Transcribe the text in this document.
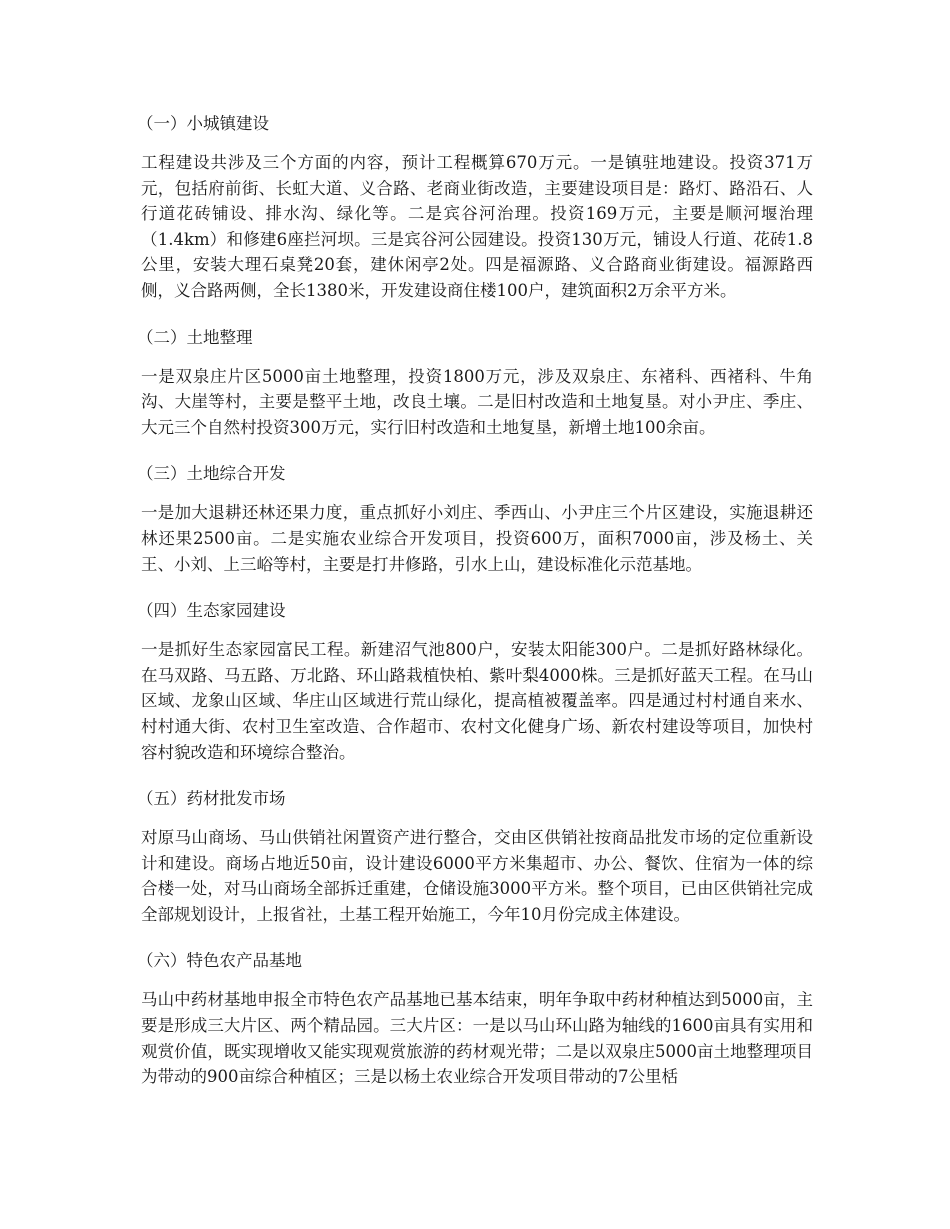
（一）小城镇建设
工程建设共涉及三个方面的内容，预计工程概算670万元。一是镇驻地建设。投资371万元，包括府前街、长虹大道、义合路、老商业街改造，主要建设项目是：路灯、路沿石、人行道花砖铺设、排水沟、绿化等。二是宾谷河治理。投资169万元，主要是顺河堰治理（1.4km）和修建6座拦河坝。三是宾谷河公园建设。投资130万元，铺设人行道、花砖1.8公里，安装大理石桌凳20套，建休闲亭2处。四是福源路、义合路商业街建设。福源路西侧，义合路两侧，全长1380米，开发建设商住楼100户，建筑面积2万余平方米。
（二）土地整理
一是双泉庄片区5000亩土地整理，投资1800万元，涉及双泉庄、东褚科、西褚科、牛角沟、大崖等村，主要是整平土地，改良土壤。二是旧村改造和土地复垦。对小尹庄、季庄、大元三个自然村投资300万元，实行旧村改造和土地复垦，新增土地100余亩。
（三）土地综合开发
一是加大退耕还林还果力度，重点抓好小刘庄、季西山、小尹庄三个片区建设，实施退耕还林还果2500亩。二是实施农业综合开发项目，投资600万，面积7000亩，涉及杨土、关王、小刘、上三峪等村，主要是打井修路，引水上山，建设标准化示范基地。
（四）生态家园建设
一是抓好生态家园富民工程。新建沼气池800户，安装太阳能300户。二是抓好路林绿化。在马双路、马五路、万北路、环山路栽植快柏、紫叶梨4000株。三是抓好蓝天工程。在马山区域、龙象山区域、华庄山区域进行荒山绿化，提高植被覆盖率。四是通过村村通自来水、村村通大街、农村卫生室改造、合作超市、农村文化健身广场、新农村建设等项目，加快村容村貌改造和环境综合整治。
（五）药材批发市场
对原马山商场、马山供销社闲置资产进行整合，交由区供销社按商品批发市场的定位重新设计和建设。商场占地近50亩，设计建设6000平方米集超市、办公、餐饮、住宿为一体的综合楼一处，对马山商场全部拆迁重建，仓储设施3000平方米。整个项目，已由区供销社完成全部规划设计，上报省社，土基工程开始施工，今年10月份完成主体建设。
（六）特色农产品基地
马山中药材基地申报全市特色农产品基地已基本结束，明年争取中药材种植达到5000亩，主要是形成三大片区、两个精品园。三大片区：一是以马山环山路为轴线的1600亩具有实用和观赏价值，既实现增收又能实现观赏旅游的药材观光带；二是以双泉庄5000亩土地整理项目为带动的900亩综合种植区；三是以杨土农业综合开发项目带动的7公里栝
